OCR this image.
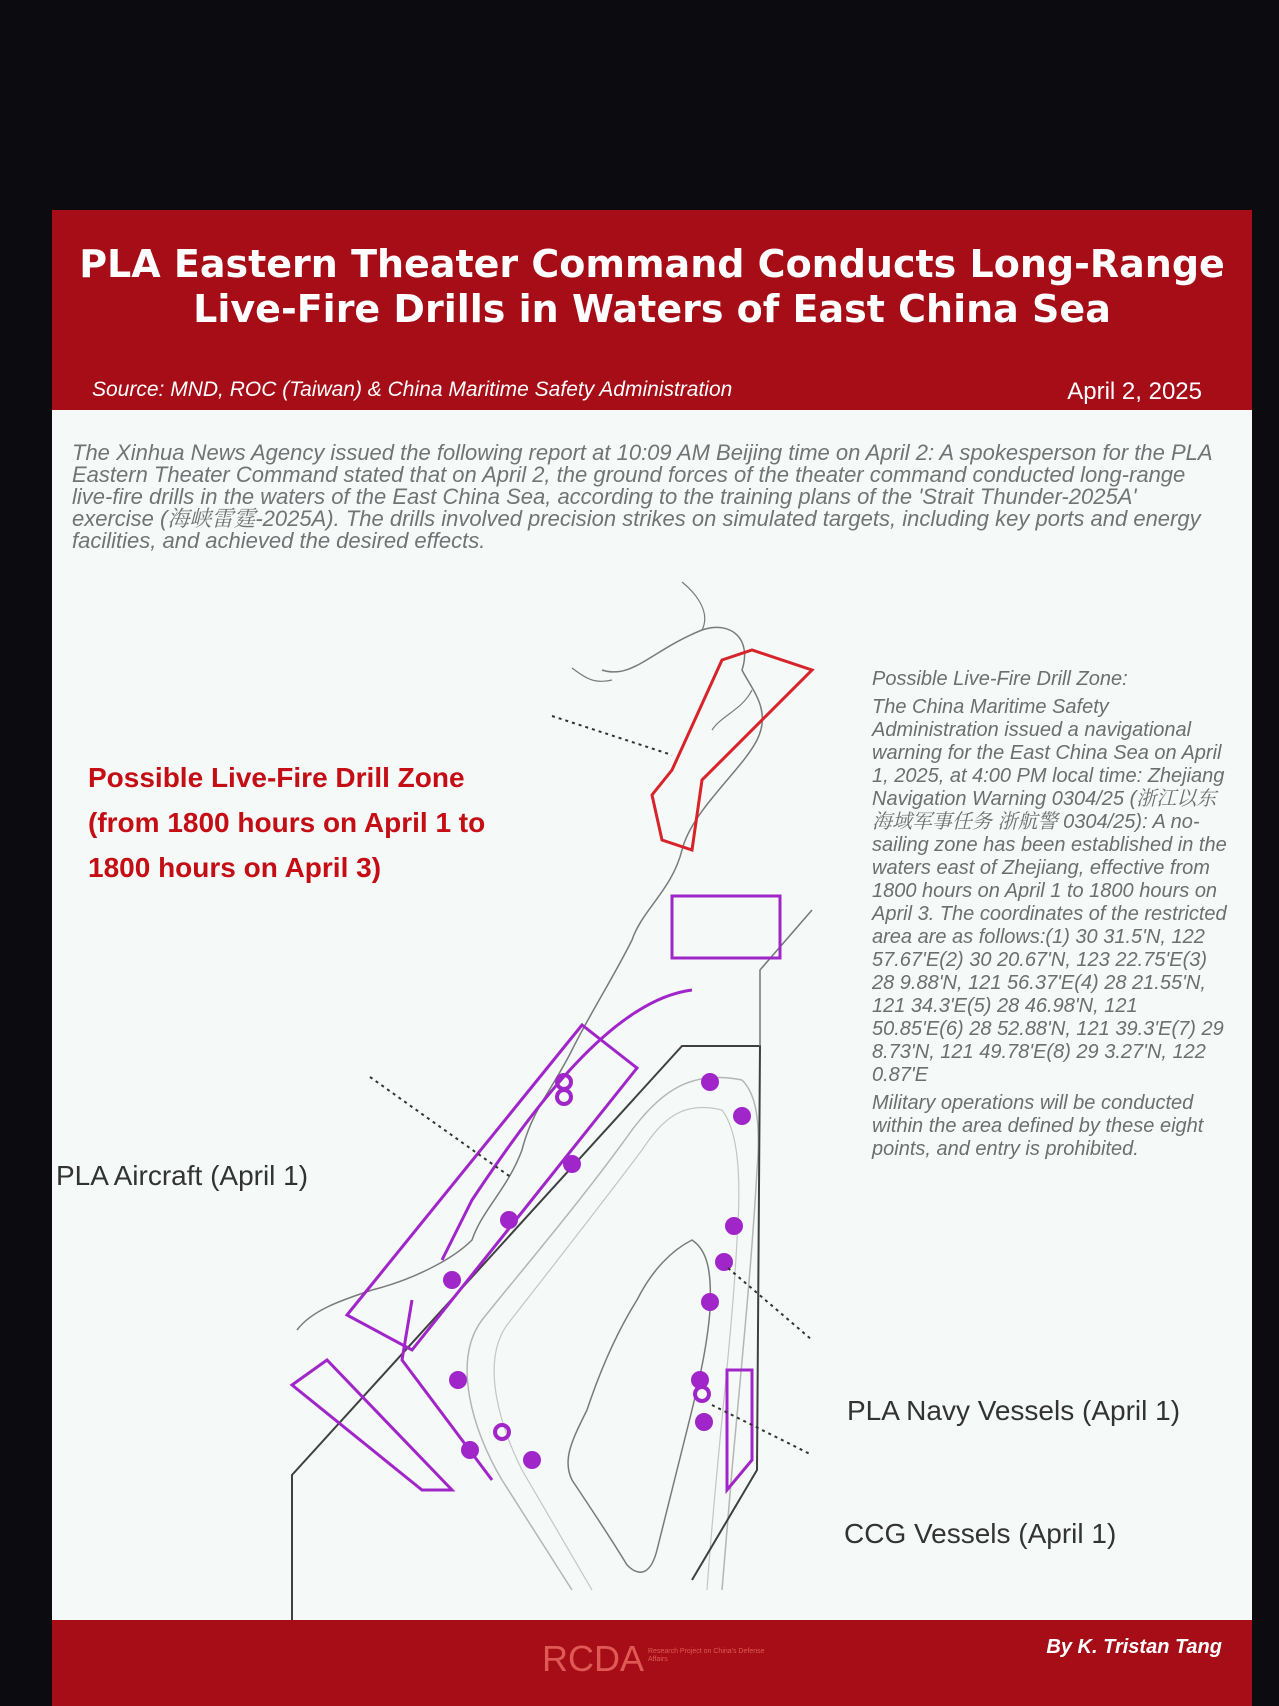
PLA Eastern Theater Command Conducts Long-Range
Live-Fire Drills in Waters of East China Sea
Source: MND, ROC (Taiwan) & China Maritime Safety Administration	April 2, 2025
The Xinhua News Agency issued the following report at 10:09 AM Beijing time on April 2: A spokesperson for the PLA Eastern Theater Command stated that on April 2, the ground forces of the theater command conducted long-range live-fire drills in the waters of the East China Sea, according to the training plans of the 'Strait Thunder-2025A' exercise (海峡雷霆-2025A). The drills involved precision strikes on simulated targets, including key ports and energy facilities, and achieved the desired effects.
Possible Live-Fire Drill Zone
(from 1800 hours on April 1 to
1800 hours on April 3)
PLA Aircraft (April 1)
PLA Navy Vessels (April 1)
CCG Vessels (April 1)

Possible Live-Fire Drill Zone:

The China Maritime Safety Administration issued a navigational warning for the East China Sea on April 1, 2025, at 4:00 PM local time: Zhejiang Navigation Warning 0304/25 (浙江以东海域军事任务 浙航警 0304/25): A no-sailing zone has been established in the waters east of Zhejiang, effective from 1800 hours on April 1 to 1800 hours on April 3. The coordinates of the restricted area are as follows:(1) 30 31.5'N, 122 57.67'E(2) 30 20.67'N, 123 22.75'E(3) 28 9.88'N, 121 56.37'E(4) 28 21.55'N, 121 34.3'E(5) 28 46.98'N, 121 50.85'E(6) 28 52.88'N, 121 39.3'E(7) 29 8.73'N, 121 49.78'E(8) 29 3.27'N, 122 0.87'E

Military operations will be conducted within the area defined by these eight points, and entry is prohibited.

RCDA Research Project on China's Defense Affairs
By K. Tristan Tang
